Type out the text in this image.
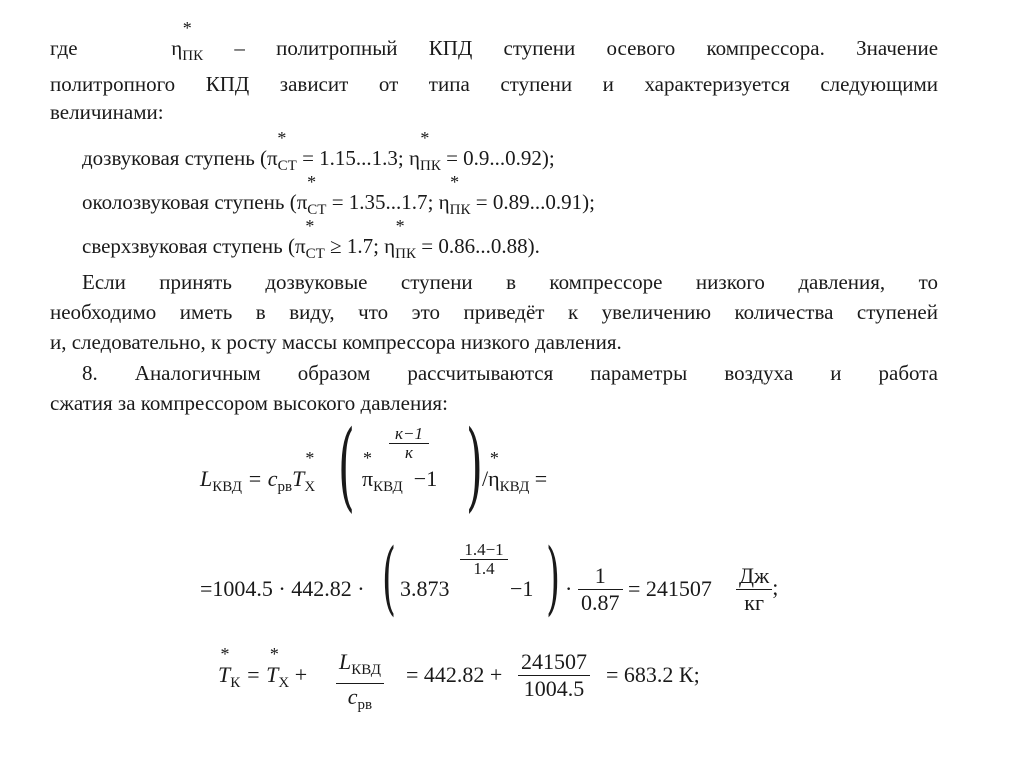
где
*
$\eta_{ПК}$ – политропный КПД ступени осевого компрессора. Значение
политропного КПД зависит от типа ступени и характеризуется следующими
величинами:
дозвуковая ступень (
*
$\pi_{СТ} = 1.15...1.3$;
*
$\eta_{ПК} = 0.9...0.92$);
околозвуковая ступень (
*
$\pi_{СТ} = 1.35...1.7$;
*
$\eta_{ПК} = 0.89...0.91$);
сверхзвуковая ступень (
*
$\pi_{СТ} \ge 1.7$;
*
$\eta_{ПК} = 0.86...0.88$).
Если принять дозвуковые ступени в компрессоре низкого давления, то
необходимо иметь в виду, что это приведёт к увеличению количества ступеней
и, следовательно, к росту массы компрессора низкого давления.
8. Аналогичным образом рассчитываются параметры воздуха и работа
сжатия за компрессором высокого давления:
$L_{КВД} = c_{рв}T$
*
$_Х$ (	к−1
к
*
$\pi_{КВД} -1$ ) *
$/\eta_{КВД}$ =
=1004.5 · 442.82 · ( 3.873
1.4−1
1.4
−1 ) · $\frac{1}{0.87} = 241507 \frac{Дж}{кг}$ ;
*
$T_К$
*
= $T_Х + \frac{L_{КВД}}{c_{рв}} = 442.82 + \frac{241507}{1004.5} = 683.2$ К;
